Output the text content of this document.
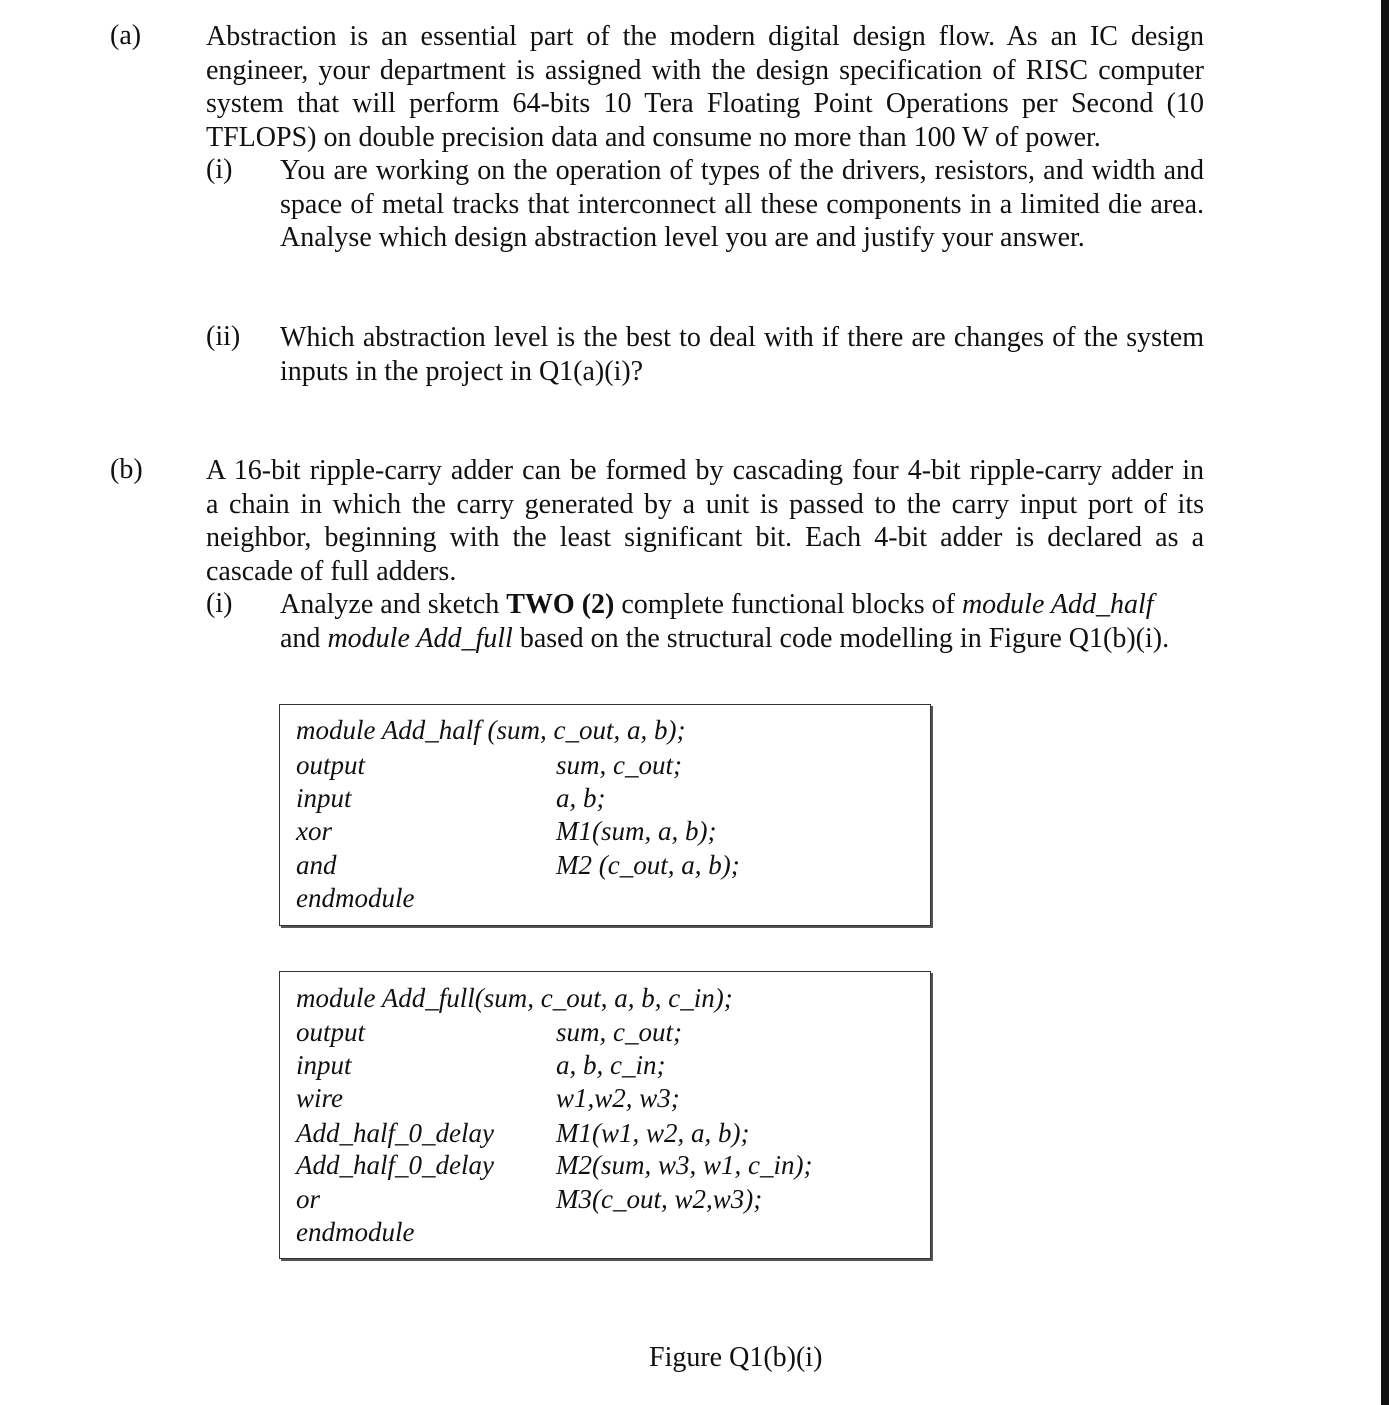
(a) Abstraction is an essential part of the modern digital design flow. As an IC design
engineer, your department is assigned with the design specification of RISC computer
system that will perform 64-bits 10 Tera Floating Point Operations per Second (10
TFLOPS) on double precision data and consume no more than 100 W of power.
(i) You are working on the operation of types of the drivers, resistors, and width and
space of metal tracks that interconnect all these components in a limited die area.
Analyse which design abstraction level you are and justify your answer.
(ii) Which abstraction level is the best to deal with if there are changes of the system
inputs in the project in Q1(a)(i)?
(b) A 16-bit ripple-carry adder can be formed by cascading four 4-bit ripple-carry adder in
a chain in which the carry generated by a unit is passed to the carry input port of its
neighbor, beginning with the least significant bit. Each 4-bit adder is declared as a
cascade of full adders.
(i) Analyze and sketch TWO (2) complete functional blocks of module Add_half
and module Add_full based on the structural code modelling in Figure Q1(b)(i).
module Add_half (sum, c_out, a, b);
output	sum, c_out;
input	a, b;
xor	M1(sum, a, b);
and	M2 (c_out, a, b);
endmodule
module Add_full(sum, c_out, a, b, c_in);
output	sum, c_out;
input	a, b, c_in;
wire	w1,w2, w3;
Add_half_0_delay M1(w1, w2, a, b);
Add_half_0_delay M2(sum, w3, w1, c_in);
or	M3(c_out, w2,w3);
endmodule
Figure Q1(b)(i)
